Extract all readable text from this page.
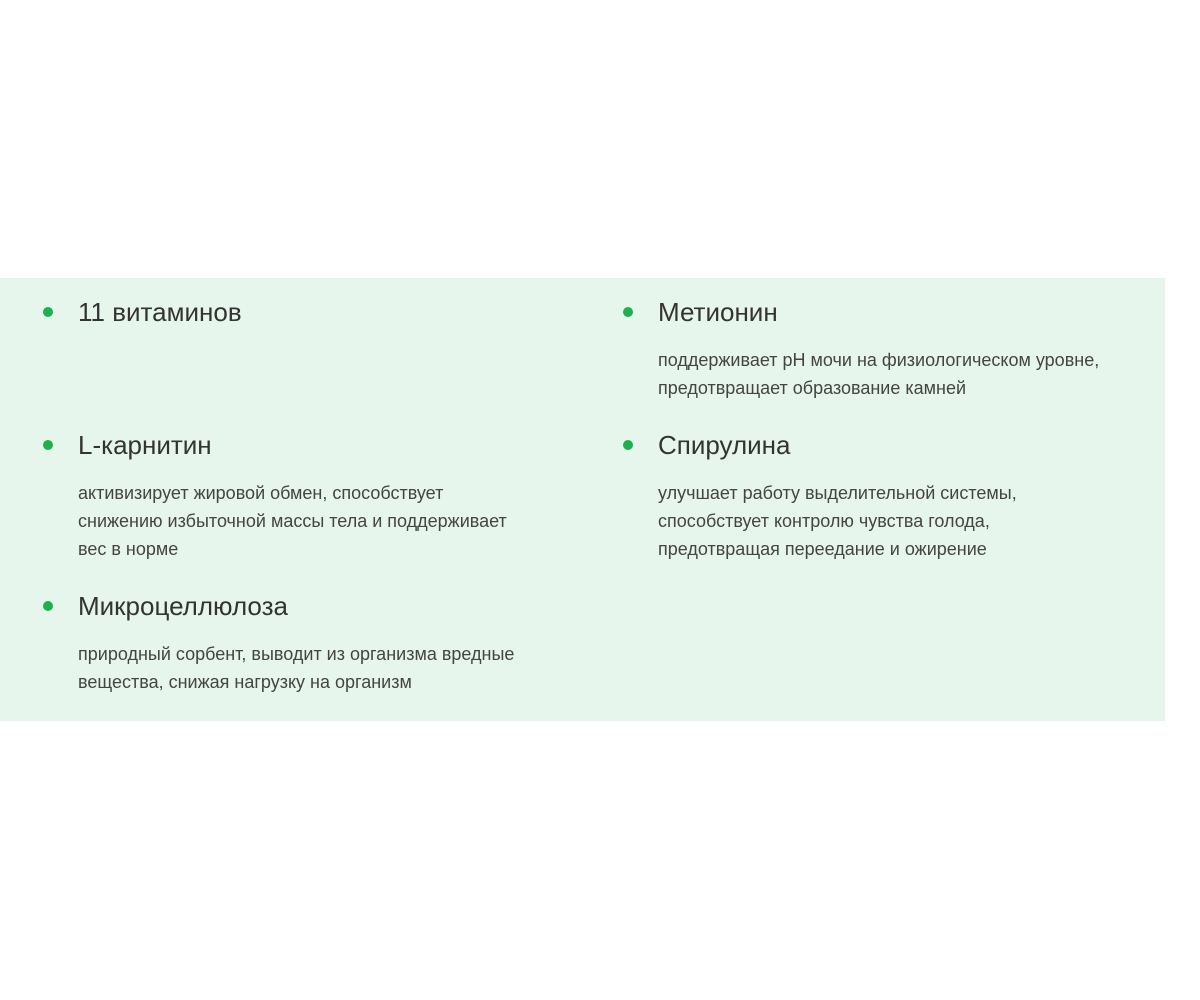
11 витаминов
L-карнитин
активизирует жировой обмен, способствует
снижению избыточной массы тела и поддерживает
вес в норме
Микроцеллюлоза
природный сорбент, выводит из организма вредные
вещества, снижая нагрузку на организм
Метионин
поддерживает pH мочи на физиологическом уровне,
предотвращает образование камней
Спирулина
улучшает работу выделительной системы,
способствует контролю чувства голода,
предотвращая переедание и ожирение
